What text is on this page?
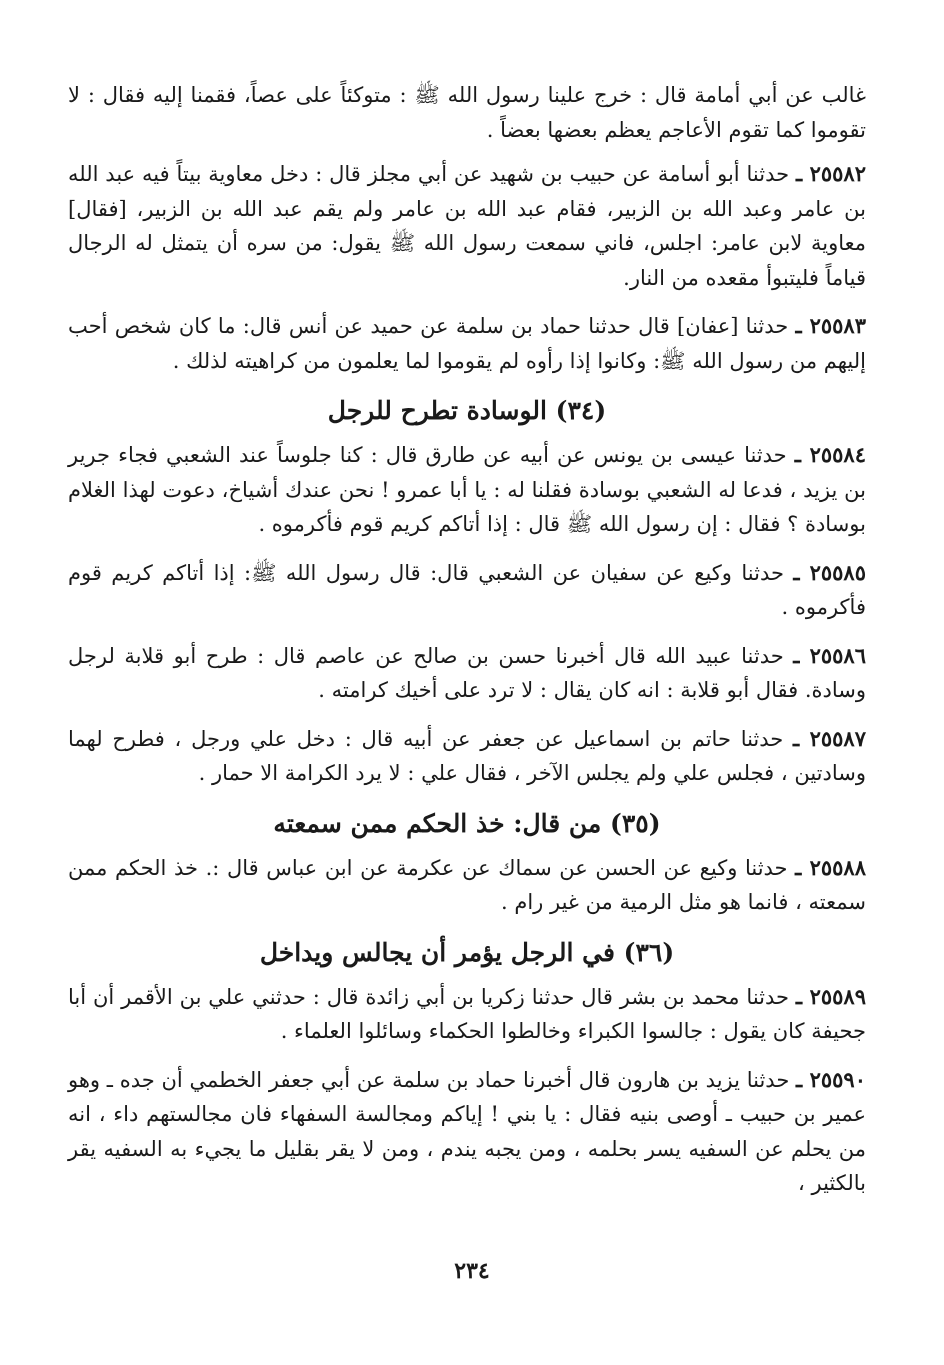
غالب عن أبي أمامة قال : خرج علينا رسول الله ﷺ : متوكئاً على عصاً، فقمنا إليه فقال : لا تقوموا كما تقوم الأعاجم يعظم بعضها بعضاً .

٢٥٥٨٢ ـ حدثنا أبو أسامة عن حبيب بن شهيد عن أبي مجلز قال : دخل معاوية بيتاً فيه عبد الله بن عامر وعبد الله بن الزبير، فقام عبد الله بن عامر ولم يقم عبد الله بن الزبير، [فقال] معاوية لابن عامر: اجلس، فاني سمعت رسول الله ﷺ يقول: من سره أن يتمثل له الرجال قياماً فليتبوأ مقعده من النار.

٢٥٥٨٣ ـ حدثنا [عفان] قال حدثنا حماد بن سلمة عن حميد عن أنس قال: ما كان شخص أحب إليهم من رسول الله ﷺ: وكانوا إذا رأوه لم يقوموا لما يعلمون من كراهيته لذلك .

(٣٤) الوسادة تطرح للرجل

٢٥٥٨٤ ـ حدثنا عيسى بن يونس عن أبيه عن طارق قال : كنا جلوساً عند الشعبي فجاء جرير بن يزيد ، فدعا له الشعبي بوسادة فقلنا له : يا أبا عمرو ! نحن عندك أشياخ، دعوت لهذا الغلام بوسادة ؟ فقال : إن رسول الله ﷺ قال : إذا أتاكم كريم قوم فأكرموه .

٢٥٥٨٥ ـ حدثنا وكيع عن سفيان عن الشعبي قال: قال رسول الله ﷺ: إذا أتاكم كريم قوم فأكرموه .

٢٥٥٨٦ ـ حدثنا عبيد الله قال أخبرنا حسن بن صالح عن عاصم قال : طرح أبو قلابة لرجل وسادة. فقال أبو قلابة : انه كان يقال : لا ترد على أخيك كرامته .

٢٥٥٨٧ ـ حدثنا حاتم بن اسماعيل عن جعفر عن أبيه قال : دخل علي ورجل ، فطرح لهما وسادتين ، فجلس علي ولم يجلس الآخر ، فقال علي : لا يرد الكرامة الا حمار .

(٣٥) من قال: خذ الحكم ممن سمعته

٢٥٥٨٨ ـ حدثنا وكيع عن الحسن عن سماك عن عكرمة عن ابن عباس قال :. خذ الحكم ممن سمعته ، فانما هو مثل الرمية من غير رام .

(٣٦) في الرجل يؤمر أن يجالس ويداخل

٢٥٥٨٩ ـ حدثنا محمد بن بشر قال حدثنا زكريا بن أبي زائدة قال : حدثني علي بن الأقمر أن أبا جحيفة كان يقول : جالسوا الكبراء وخالطوا الحكماء وسائلوا العلماء .

٢٥٥٩٠ ـ حدثنا يزيد بن هارون قال أخبرنا حماد بن سلمة عن أبي جعفر الخطمي أن جده ـ وهو عمير بن حبيب ـ أوصى بنيه فقال : يا بني ! إياكم ومجالسة السفهاء فان مجالستهم داء ، انه من يحلم عن السفيه يسر بحلمه ، ومن يجبه يندم ، ومن لا يقر بقليل ما يجيء به السفيه يقر بالكثير ،

٢٣٤
